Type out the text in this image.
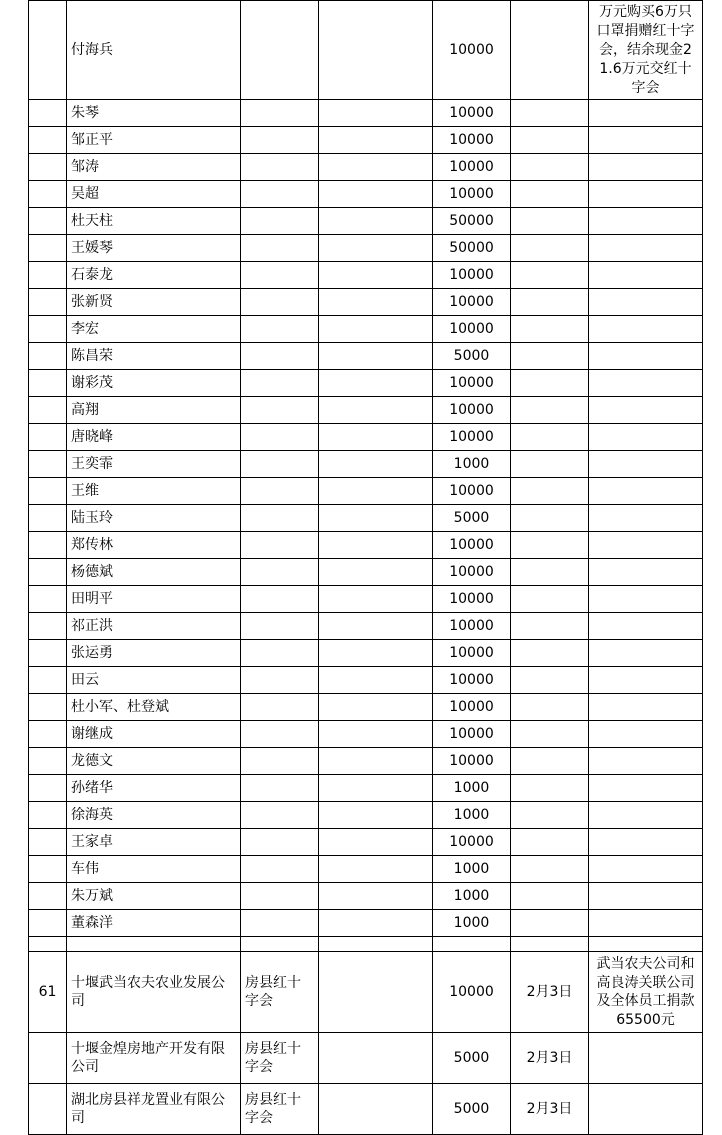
	付海兵			10000		万元购买6万只口罩捐赠红十字会，结余现金21.6万元交红十字会

	朱琴			10000		
	邹正平			10000		
	邹涛			10000		
	吴超			10000		
	杜天柱			50000		
	王媛琴			50000		
	石泰龙			10000		
	张新贤			10000		
	李宏			10000		
	陈昌荣			5000		
	谢彩茂			10000		
	高翔			10000		
	唐晓峰			10000		
	王奕霏			1000		
	王维			10000		
	陆玉玲			5000		
	郑传林			10000		
	杨德斌			10000		
	田明平			10000		
	祁正洪			10000		
	张运勇			10000		
	田云			10000		
	杜小军、杜登斌			10000		
	谢继成			10000		
	龙德文			10000		
	孙绪华			1000		
	徐海英			1000		
	王家卓			10000		
	车伟			1000		
	朱万斌			1000		
	董森洋			1000		

61	十堰武当农夫农业发展公司	房县红十字会		10000	2月3日	武当农夫公司和高良涛关联公司及全体员工捐款65500元
	十堰金煌房地产开发有限公司	房县红十字会		5000	2月3日	
	湖北房县祥龙置业有限公司	房县红十字会		5000	2月3日	
